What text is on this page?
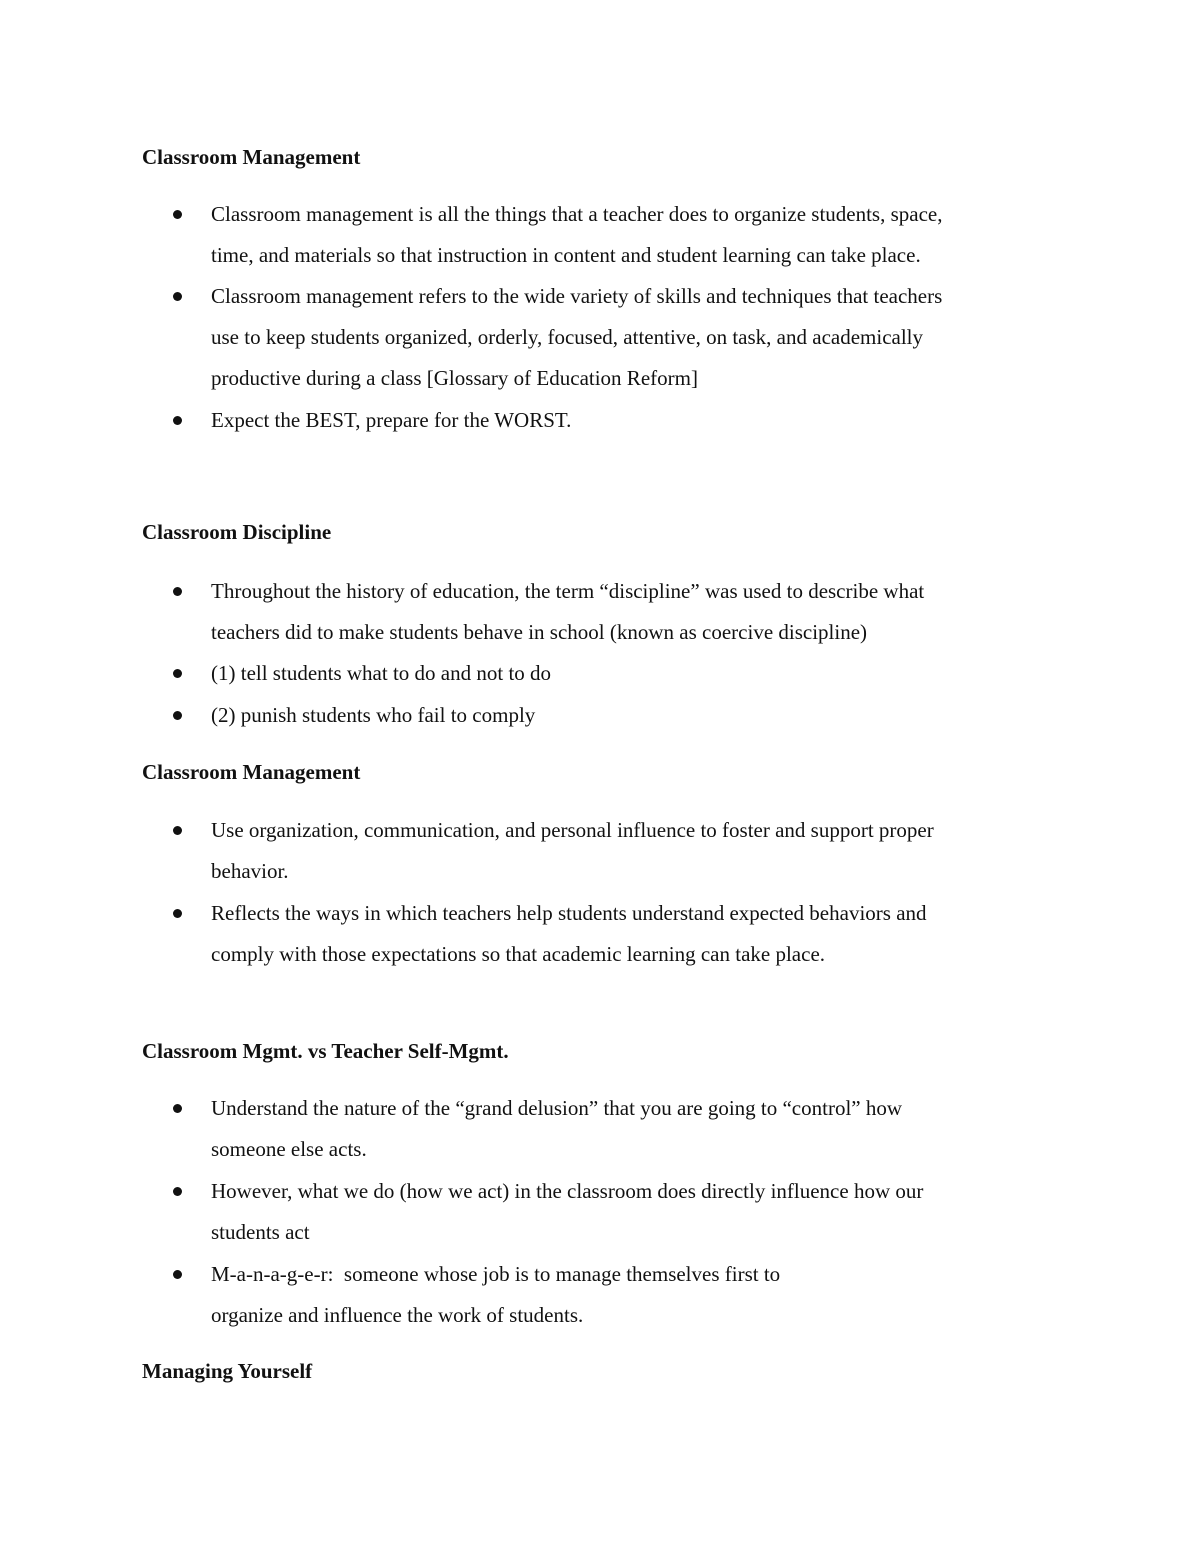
Classroom Management
Classroom management is all the things that a teacher does to organize students, space,
time, and materials so that instruction in content and student learning can take place.
Classroom management refers to the wide variety of skills and techniques that teachers
use to keep students organized, orderly, focused, attentive, on task, and academically
productive during a class [Glossary of Education Reform]
Expect the BEST, prepare for the WORST.
Classroom Discipline
Throughout the history of education, the term “discipline” was used to describe what
teachers did to make students behave in school (known as coercive discipline)
(1) tell students what to do and not to do
(2) punish students who fail to comply
Classroom Management
Use organization, communication, and personal influence to foster and support proper
behavior.
Reflects the ways in which teachers help students understand expected behaviors and
comply with those expectations so that academic learning can take place.
Classroom Mgmt. vs Teacher Self-Mgmt.
Understand the nature of the “grand delusion” that you are going to “control” how
someone else acts.
However, what we do (how we act) in the classroom does directly influence how our
students act
M-a-n-a-g-e-r:  someone whose job is to manage themselves first to
organize and influence the work of students.
Managing Yourself
